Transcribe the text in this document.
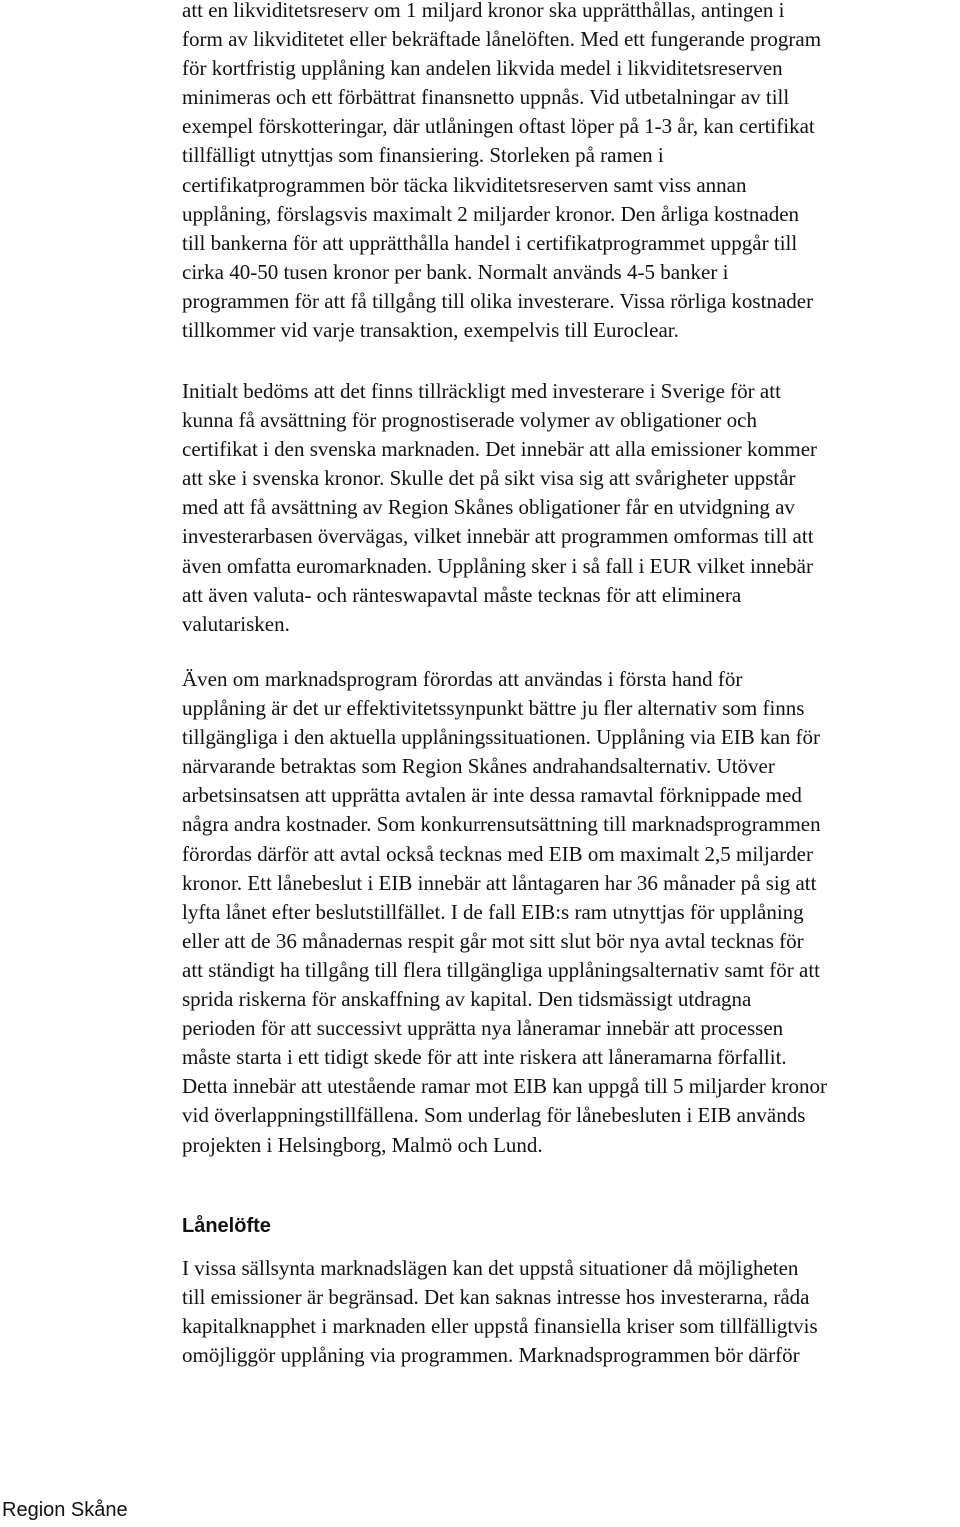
att en likviditetsreserv om 1 miljard kronor ska upprätthållas, antingen i
form av likviditetet eller bekräftade lånelöften. Med ett fungerande program
för kortfristig upplåning kan andelen likvida medel i likviditetsreserven
minimeras och ett förbättrat finansnetto uppnås. Vid utbetalningar av till
exempel förskotteringar, där utlåningen oftast löper på 1-3 år, kan certifikat
tillfälligt utnyttjas som finansiering. Storleken på ramen i
certifikatprogrammen bör täcka likviditetsreserven samt viss annan
upplåning, förslagsvis maximalt 2 miljarder kronor. Den årliga kostnaden
till bankerna för att upprätthålla handel i certifikatprogrammet uppgår till
cirka 40-50 tusen kronor per bank. Normalt används 4-5 banker i
programmen för att få tillgång till olika investerare. Vissa rörliga kostnader
tillkommer vid varje transaktion, exempelvis till Euroclear.

Initialt bedöms att det finns tillräckligt med investerare i Sverige för att
kunna få avsättning för prognostiserade volymer av obligationer och
certifikat i den svenska marknaden. Det innebär att alla emissioner kommer
att ske i svenska kronor. Skulle det på sikt visa sig att svårigheter uppstår
med att få avsättning av Region Skånes obligationer får en utvidgning av
investerarbasen övervägas, vilket innebär att programmen omformas till att
även omfatta euromarknaden. Upplåning sker i så fall i EUR vilket innebär
att även valuta- och ränteswapavtal måste tecknas för att eliminera
valutarisken.

Även om marknadsprogram förordas att användas i första hand för
upplåning är det ur effektivitetssynpunkt bättre ju fler alternativ som finns
tillgängliga i den aktuella upplåningssituationen. Upplåning via EIB kan för
närvarande betraktas som Region Skånes andrahandsalternativ. Utöver
arbetsinsatsen att upprätta avtalen är inte dessa ramavtal förknippade med
några andra kostnader. Som konkurrensutsättning till marknadsprogrammen
förordas därför att avtal också tecknas med EIB om maximalt 2,5 miljarder
kronor. Ett lånebeslut i EIB innebär att låntagaren har 36 månader på sig att
lyfta lånet efter beslutstillfället. I de fall EIB:s ram utnyttjas för upplåning
eller att de 36 månadernas respit går mot sitt slut bör nya avtal tecknas för
att ständigt ha tillgång till flera tillgängliga upplåningsalternativ samt för att
sprida riskerna för anskaffning av kapital. Den tidsmässigt utdragna
perioden för att successivt upprätta nya låneramar innebär att processen
måste starta i ett tidigt skede för att inte riskera att låneramarna förfallit.
Detta innebär att utestående ramar mot EIB kan uppgå till 5 miljarder kronor
vid överlappningstillfällena. Som underlag för lånebesluten i EIB används
projekten i Helsingborg, Malmö och Lund.

Lånelöfte

I vissa sällsynta marknadslägen kan det uppstå situationer då möjligheten
till emissioner är begränsad. Det kan saknas intresse hos investerarna, råda
kapitalknapphet i marknaden eller uppstå finansiella kriser som tillfälligtvis
omöjliggör upplåning via programmen. Marknadsprogrammen bör därför

Region Skåne
